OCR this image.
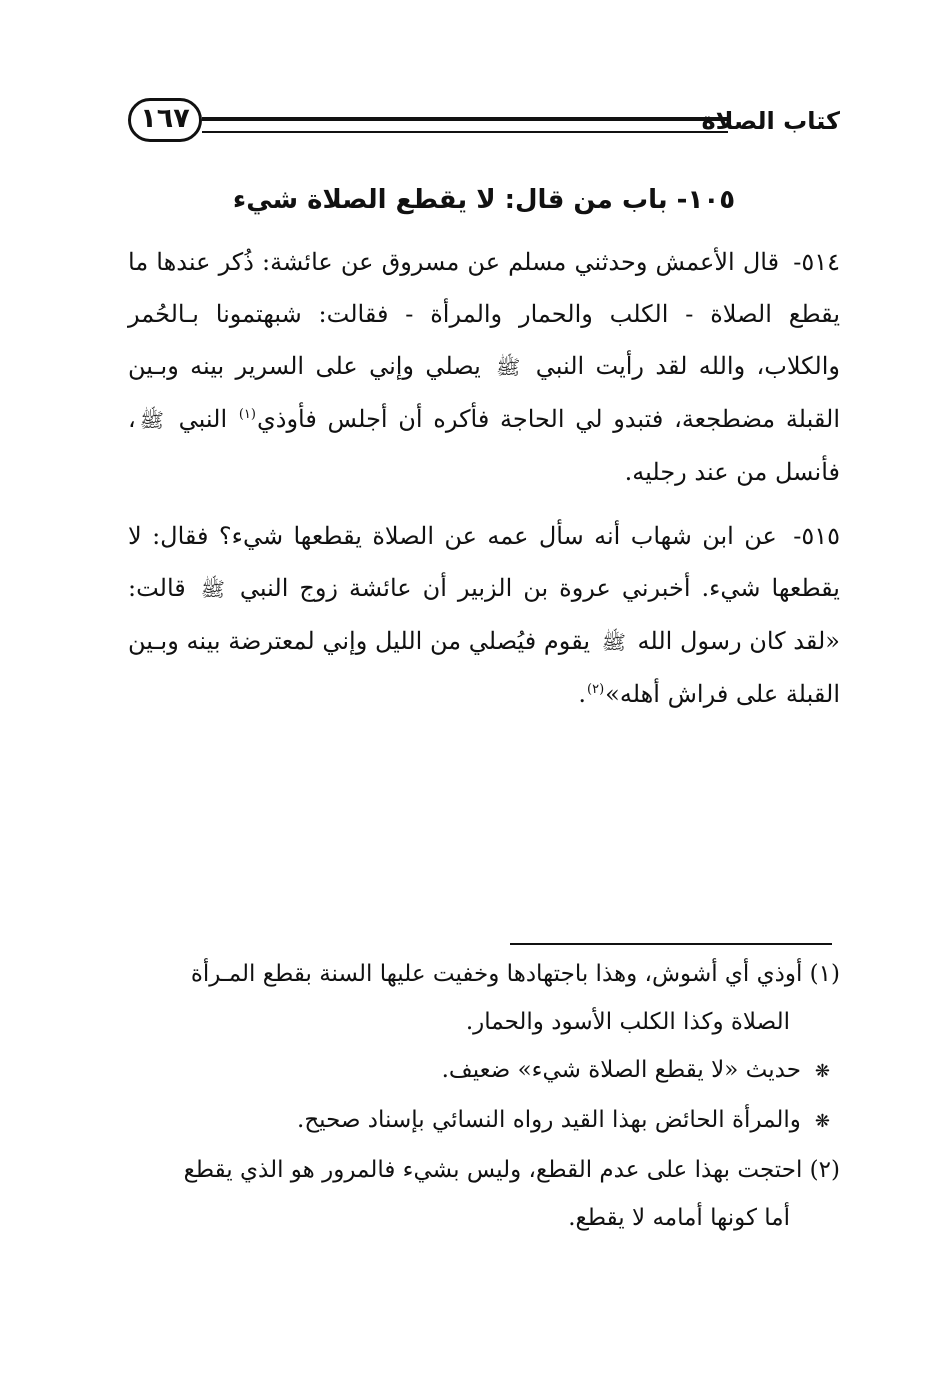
كتاب الصلاة
١٦٧
١٠٥- باب من قال: لا يقطع الصلاة شيء
٥١٤- قال الأعمش وحدثني مسلم عن مسروق عن عائشة: ذُكر عندها ما يقطع الصلاة - الكلب والحمار والمرأة - فقالت: شبهتمونا بـالحُمر والكلاب، والله لقد رأيت النبي ﷺ يصلي وإني على السرير بينه وبـين القبلة مضطجعة، فتبدو لي الحاجة فأكره أن أجلس فأوذي$^{(١)}$ النبي ﷺ، فأنسل من عند رجليه.
٥١٥- عن ابن شهاب أنه سأل عمه عن الصلاة يقطعها شيء؟ فقال: لا يقطعها شيء. أخبرني عروة بن الزبير أن عائشة زوج النبي ﷺ قالت: «لقد كان رسول الله ﷺ يقوم فيُصلي من الليل وإني لمعترضة بينه وبـين القبلة على فراش أهله»$^{(٢)}$.
(١) أوذي أي أشوش، وهذا باجتهادها وخفيت عليها السنة بقطع المـرأة
الصلاة وكذا الكلب الأسود والحمار.
❋حديث «لا يقطع الصلاة شيء» ضعيف.
❋والمرأة الحائض بهذا القيد رواه النسائي بإسناد صحيح.
(٢) احتجت بهذا على عدم القطع، وليس بشيء فالمرور هو الذي يقطع
أما كونها أمامه لا يقطع.
